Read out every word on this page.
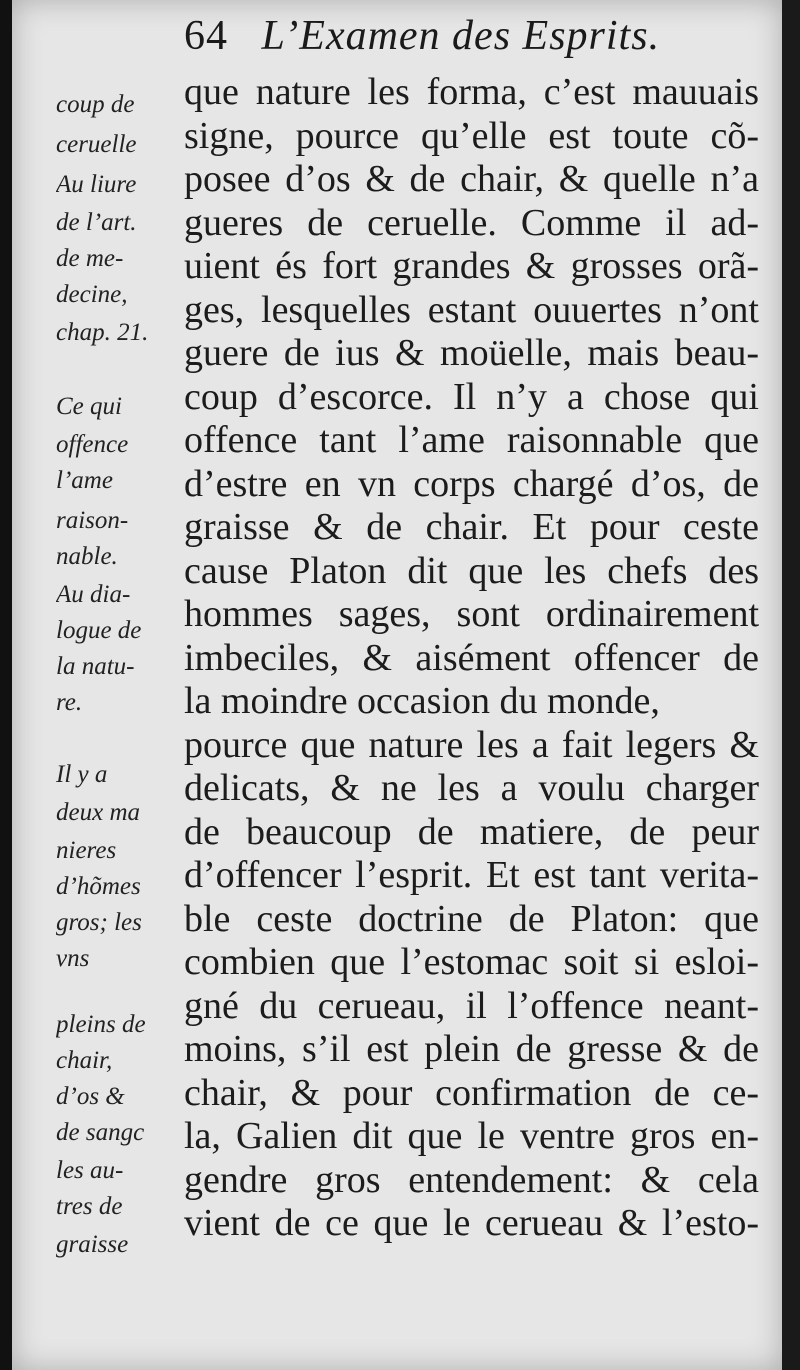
64 L’Examen des Esprits.
que nature les forma, c’est mauuais
signe, pource qu’elle est toute cõ-
posee d’os & de chair, & quelle n’a
gueres de ceruelle. Comme il ad-
uient és fort grandes & grosses orã-
ges, lesquelles estant ouuertes n’ont
guere de ius & moüelle, mais beau-
coup d’escorce. Il n’y a chose qui
offence tant l’ame raisonnable que
d’estre en vn corps chargé d’os, de
graisse & de chair. Et pour ceste
cause Platon dit que les chefs des
hommes sages, sont ordinairement
imbeciles, & aisément offencer de
la moindre occasion du monde,
pource que nature les a fait legers &
delicats, & ne les a voulu charger
de beaucoup de matiere, de peur
d’offencer l’esprit. Et est tant verita-
ble ceste doctrine de Platon: que
combien que l’estomac soit si esloi-
gné du cerueau, il l’offence neant-
moins, s’il est plein de gresse & de
chair, & pour confirmation de ce-
la, Galien dit que le ventre gros en-
gendre gros entendement: & cela
vient de ce que le cerueau & l’esto-
coup de
ceruelle
Au liure
de l’art.
de me-
decine,
chap. 21.
Ce qui
offence
l’ame
raison-
nable.
Au dia-
logue de
la natu-
re.
Il y a
deux ma
nieres
d’hõmes
gros; les
vns
pleins de
chair,
d’os &
de sangc
les au-
tres de
graisse
